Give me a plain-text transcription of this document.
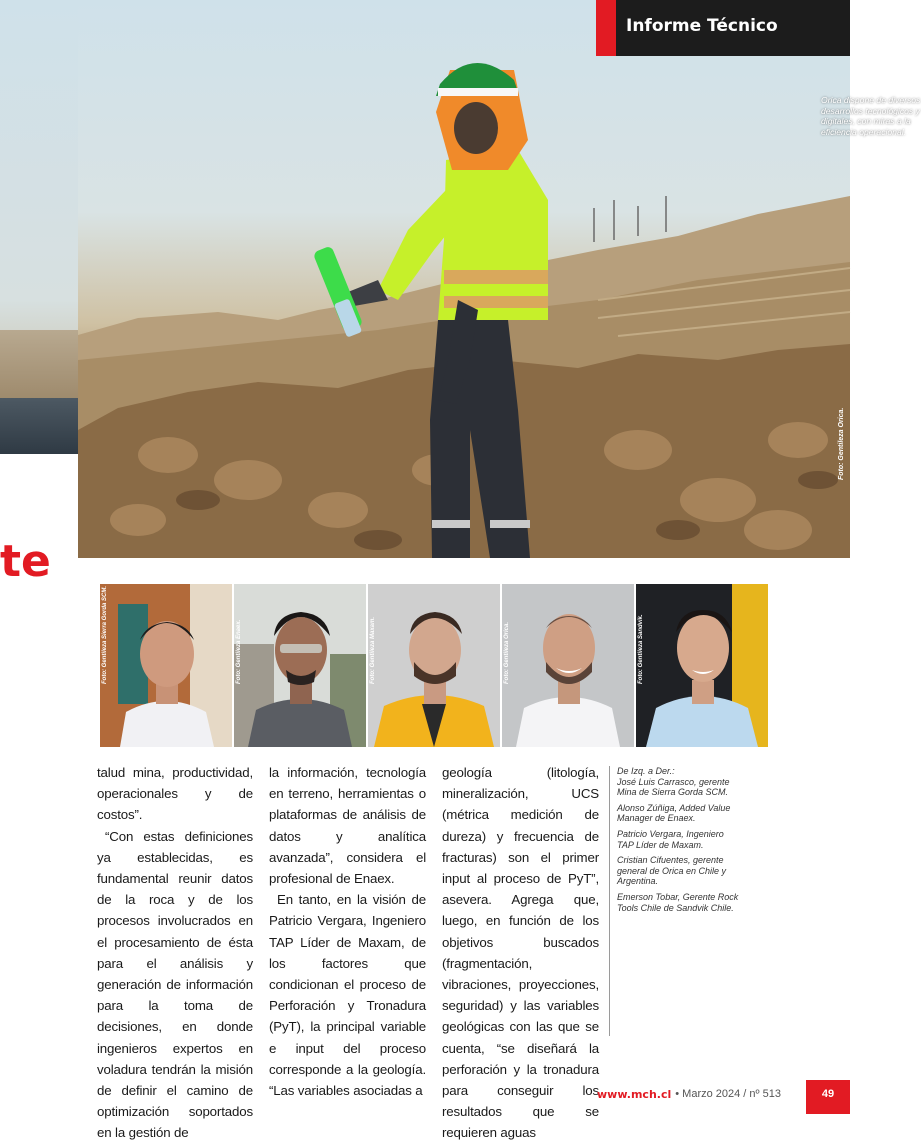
Orica dispone de diversos desarrollos tecnológicos y digitales, con miras a la eficiencia operacional.
Foto: Gentileza Orica.
Informe Técnico
te
Foto: Gentileza Sierra Gorda SCM.	Foto: Gentileza Enaex.	Foto: Gentileza Maxam.	Foto: Gentileza Orica.	Foto: Gentileza Sandvik.

talud mina, productividad, operacionales y de costos”.

“Con estas definiciones ya establecidas, es fundamental reunir datos de la roca y de los procesos involucrados en el procesamiento de ésta para el análisis y generación de información para la toma de decisiones, en donde ingenieros expertos en voladura tendrán la misión de definir el camino de optimización soportados en la gestión de

la información, tecnología en terreno, herramientas o plataformas de análisis de datos y analítica avanzada”, considera el profesional de Enaex.

En tanto, en la visión de Patricio Vergara, Ingeniero TAP Líder de Maxam, de los factores que condicionan el proceso de Perforación y Tronadura (PyT), la principal variable e input del proceso corresponde a la geología. “Las variables asociadas a

geología (litología, mineralización, UCS (métrica medición de dureza) y frecuencia de fracturas) son el primer input al proceso de PyT”, asevera. Agrega que, luego, en función de los objetivos buscados (fragmentación, vibraciones, proyecciones, seguridad) y las variables geológicas con las que se cuenta, “se diseñará la perforación y la tronadura para conseguir los resultados que se requieren aguas

De Izq. a Der.:

José Luis Carrasco, gerente Mina de Sierra Gorda SCM.

Alonso Zúñiga, Added Value Manager de Enaex.

Patricio Vergara, Ingeniero TAP Líder de Maxam.

Cristian Cifuentes, gerente general de Orica en Chile y Argentina.

Emerson Tobar, Gerente Rock Tools Chile de Sandvik Chile.

www.mch.cl • Marzo 2024 / nº 513	49
